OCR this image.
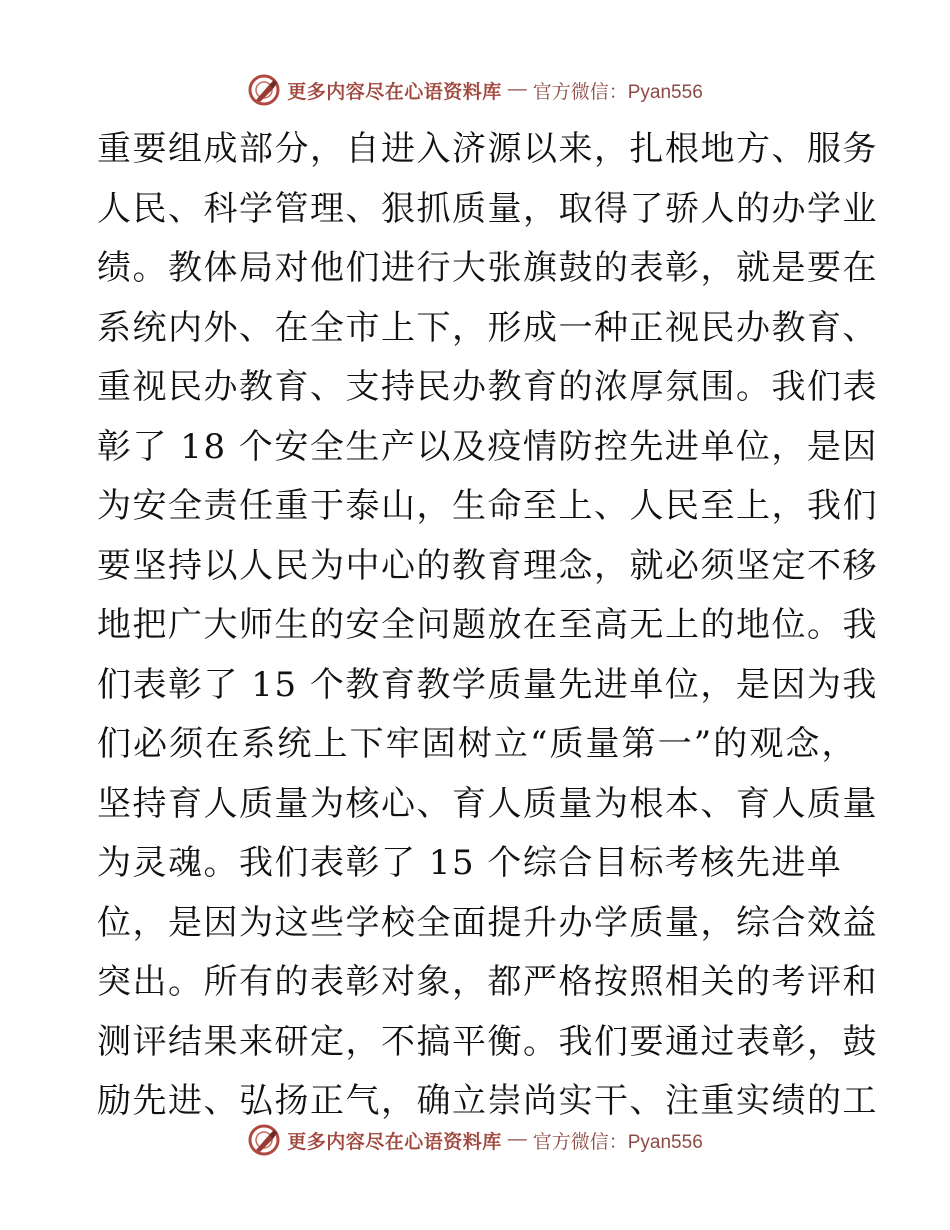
更多内容尽在心语资料库 — 官方微信：Pyan556
重要组成部分，自进入济源以来，扎根地方、服务
人民、科学管理、狠抓质量，取得了骄人的办学业
绩。教体局对他们进行大张旗鼓的表彰，就是要在
系统内外、在全市上下，形成一种正视民办教育、
重视民办教育、支持民办教育的浓厚氛围。我们表
彰了 18 个安全生产以及疫情防控先进单位，是因
为安全责任重于泰山，生命至上、人民至上，我们
要坚持以人民为中心的教育理念，就必须坚定不移
地把广大师生的安全问题放在至高无上的地位。我
们表彰了 15 个教育教学质量先进单位，是因为我
们必须在系统上下牢固树立“质量第一”的观念，
坚持育人质量为核心、育人质量为根本、育人质量
为灵魂。我们表彰了 15 个综合目标考核先进单
位，是因为这些学校全面提升办学质量，综合效益
突出。所有的表彰对象，都严格按照相关的考评和
测评结果来研定，不搞平衡。我们要通过表彰，鼓
励先进、弘扬正气，确立崇尚实干、注重实绩的工
更多内容尽在心语资料库 — 官方微信：Pyan556
